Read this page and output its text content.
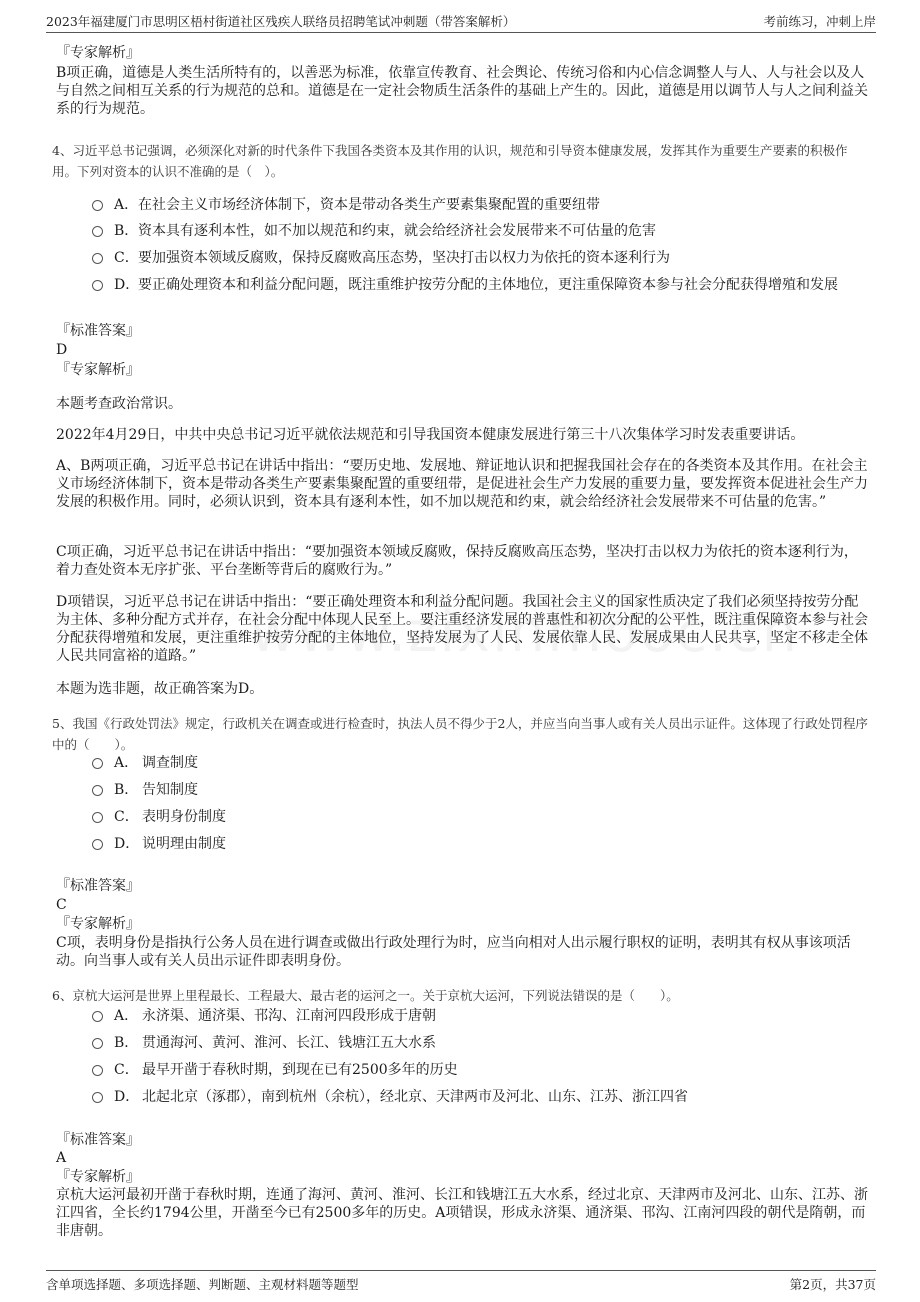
2023年福建厦门市思明区梧村街道社区残疾人联络员招聘笔试冲刺题（带答案解析）	考前练习，冲刺上岸
『专家解析』
B项正确，道德是人类生活所特有的，以善恶为标准，依靠宣传教育、社会舆论、传统习俗和内心信念调整人与人、人与社会以及人与自然之间相互关系的行为规范的总和。道德是在一定社会物质生活条件的基础上产生的。因此，道德是用以调节人与人之间利益关系的行为规范。
4、习近平总书记强调，必须深化对新的时代条件下我国各类资本及其作用的认识，规范和引导资本健康发展，发挥其作为重要生产要素的积极作用。下列对资本的认识不准确的是（　）。
A． 在社会主义市场经济体制下，资本是带动各类生产要素集聚配置的重要纽带
B． 资本具有逐利本性，如不加以规范和约束，就会给经济社会发展带来不可估量的危害
C． 要加强资本领域反腐败，保持反腐败高压态势，坚决打击以权力为依托的资本逐利行为
D．
要正确处理资本和利益分配问题，既注重维护按劳分配的主体地位，更注重保障资本参与社会分配获得增殖和发展
『标准答案』
D
『专家解析』
本题考查政治常识。
2022年4月29日，中共中央总书记习近平就依法规范和引导我国资本健康发展进行第三十八次集体学习时发表重要讲话。
A、B两项正确，习近平总书记在讲话中指出：“要历史地、发展地、辩证地认识和把握我国社会存在的各类资本及其作用。在社会主义市场经济体制下，资本是带动各类生产要素集聚配置的重要纽带，是促进社会生产力发展的重要力量，要发挥资本促进社会生产力发展的积极作用。同时，必须认识到，资本具有逐利本性，如不加以规范和约束，就会给经济社会发展带来不可估量的危害。”
C项正确，习近平总书记在讲话中指出：“要加强资本领域反腐败，保持反腐败高压态势，坚决打击以权力为依托的资本逐利行为，着力查处资本无序扩张、平台垄断等背后的腐败行为。”
D项错误，习近平总书记在讲话中指出：“要正确处理资本和利益分配问题。我国社会主义的国家性质决定了我们必须坚持按劳分配为主体、多种分配方式并存，在社会分配中体现人民至上。要注重经济发展的普惠性和初次分配的公平性，既注重保障资本参与社会分配获得增殖和发展，更注重维护按劳分配的主体地位，坚持发展为了人民、发展依靠人民、发展成果由人民共享，坚定不移走全体人民共同富裕的道路。”
本题为选非题，故正确答案为D。
5、我国《行政处罚法》规定，行政机关在调查或进行检查时，执法人员不得少于2人，并应当向当事人或有关人员出示证件。这体现了行政处罚程序中的（　　）。
A． 调查制度
B． 告知制度
C． 表明身份制度
D． 说明理由制度
『标准答案』
C
『专家解析』
C项，表明身份是指执行公务人员在进行调查或做出行政处理行为时，应当向相对人出示履行职权的证明，表明其有权从事该项活动。向当事人或有关人员出示证件即表明身份。
6、京杭大运河是世界上里程最长、工程最大、最古老的运河之一。关于京杭大运河，下列说法错误的是（　　）。
A． 永济渠、通济渠、邗沟、江南河四段形成于唐朝
B． 贯通海河、黄河、淮河、长江、钱塘江五大水系
C． 最早开凿于春秋时期，到现在已有2500多年的历史
D． 北起北京（涿郡），南到杭州（余杭），经北京、天津两市及河北、山东、江苏、浙江四省
『标准答案』
A
『专家解析』
京杭大运河最初开凿于春秋时期，连通了海河、黄河、淮河、长江和钱塘江五大水系，经过北京、天津两市及河北、山东、江苏、浙江四省，全长约1794公里，开凿至今已有2500多年的历史。A项错误，形成永济渠、通济渠、邗沟、江南河四段的朝代是隋朝，而非唐朝。
含单项选择题、多项选择题、判断题、主观材料题等题型	第2页，共37页
